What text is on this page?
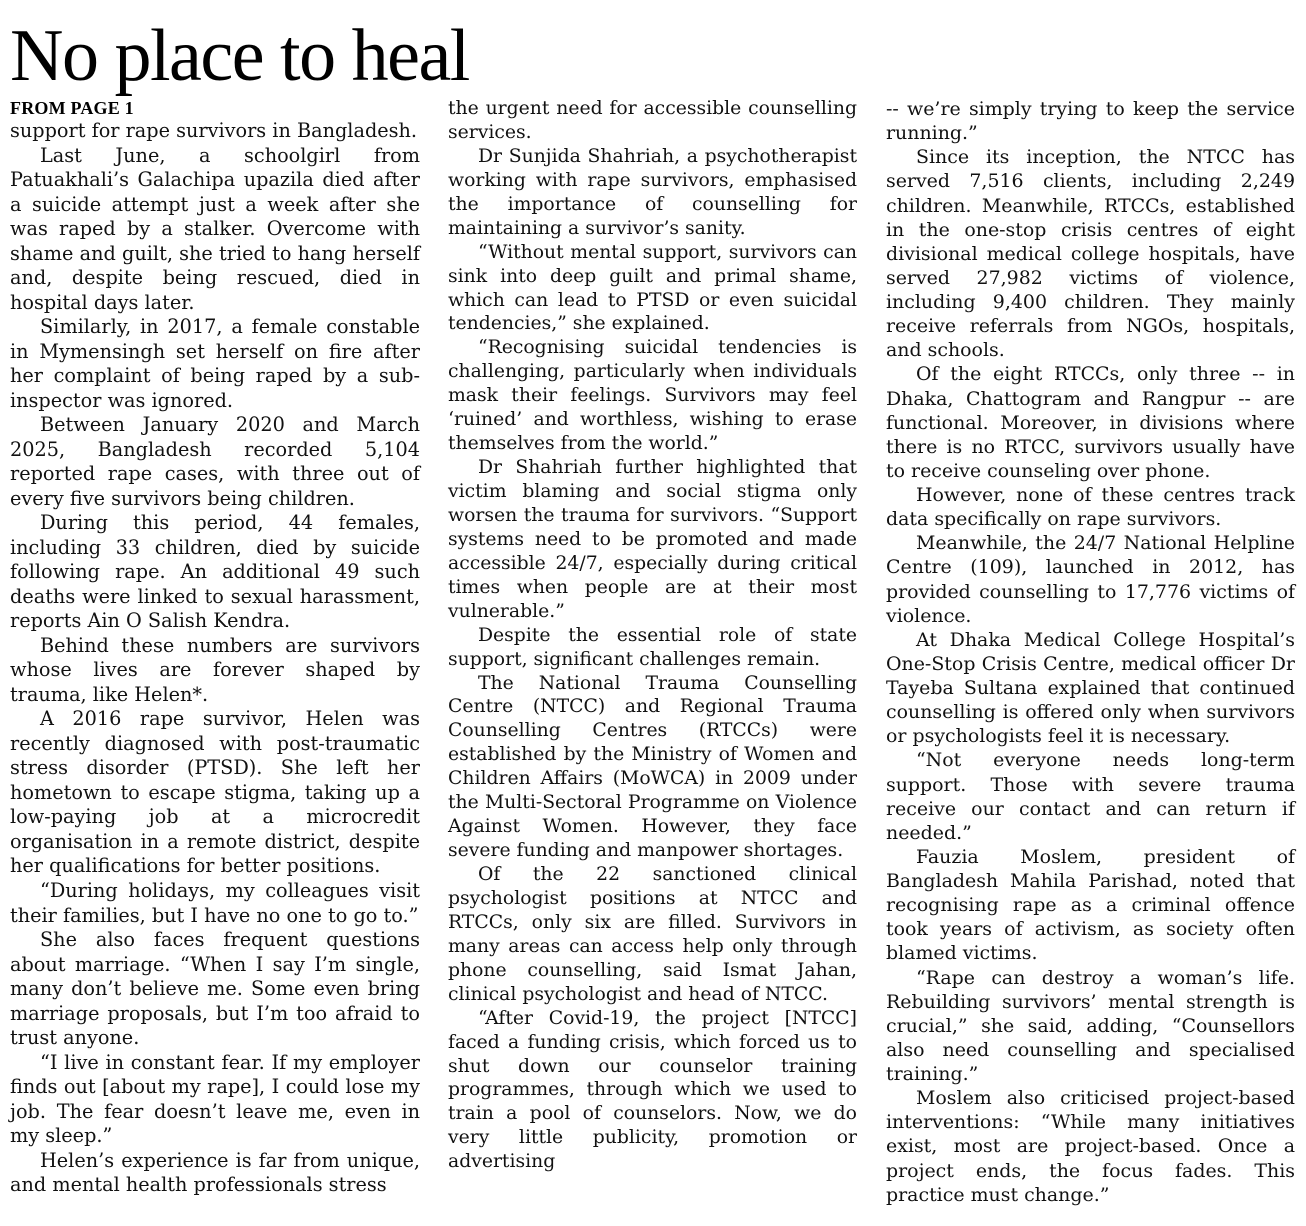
No place to heal
FROM PAGE 1

support for rape survivors in Bangladesh.

Last June, a schoolgirl from Patuakhali’s Galachipa upazila died after a suicide attempt just a week after she was raped by a stalker. Overcome with shame and guilt, she tried to hang herself and, despite being rescued, died in hospital days later.

Similarly, in 2017, a female constable in Mymensingh set herself on fire after her complaint of being raped by a sub-inspector was ignored.

Between January 2020 and March 2025, Bangladesh recorded 5,104 reported rape cases, with three out of every five survivors being children.

During this period, 44 females, including 33 children, died by suicide following rape. An additional 49 such deaths were linked to sexual harassment, reports Ain O Salish Kendra.

Behind these numbers are survivors whose lives are forever shaped by trauma, like Helen*.

A 2016 rape survivor, Helen was recently diagnosed with post-traumatic stress disorder (PTSD). She left her hometown to escape stigma, taking up a low-paying job at a microcredit organisation in a remote district, despite her qualifications for better positions.

“During holidays, my colleagues visit their families, but I have no one to go to.”

She also faces frequent questions about marriage. “When I say I’m single, many don’t believe me. Some even bring marriage proposals, but I’m too afraid to trust anyone.

“I live in constant fear. If my employer finds out [about my rape], I could lose my job. The fear doesn’t leave me, even in my sleep.”

Helen’s experience is far from unique, and mental health professionals stress

the urgent need for accessible counselling services.

Dr Sunjida Shahriah, a psychotherapist working with rape survivors, emphasised the importance of counselling for maintaining a survivor’s sanity.

“Without mental support, survivors can sink into deep guilt and primal shame, which can lead to PTSD or even suicidal tendencies,” she explained.

“Recognising suicidal tendencies is challenging, particularly when individuals mask their feelings. Survivors may feel ‘ruined’ and worthless, wishing to erase themselves from the world.”

Dr Shahriah further highlighted that victim blaming and social stigma only worsen the trauma for survivors. “Support systems need to be promoted and made accessible 24/7, especially during critical times when people are at their most vulnerable.”

Despite the essential role of state support, significant challenges remain.

The National Trauma Counselling Centre (NTCC) and Regional Trauma Counselling Centres (RTCCs) were established by the Ministry of Women and Children Affairs (MoWCA) in 2009 under the Multi-Sectoral Programme on Violence Against Women. However, they face severe funding and manpower shortages.

Of the 22 sanctioned clinical psychologist positions at NTCC and RTCCs, only six are filled. Survivors in many areas can access help only through phone counselling, said Ismat Jahan, clinical psychologist and head of NTCC.

“After Covid-19, the project [NTCC] faced a funding crisis, which forced us to shut down our counselor training programmes, through which we used to train a pool of counselors. Now, we do very little publicity, promotion or advertising

-- we’re simply trying to keep the service running.”

Since its inception, the NTCC has served 7,516 clients, including 2,249 children. Meanwhile, RTCCs, established in the one-stop crisis centres of eight divisional medical college hospitals, have served 27,982 victims of violence, including 9,400 children. They mainly receive referrals from NGOs, hospitals, and schools.

Of the eight RTCCs, only three -- in Dhaka, Chattogram and Rangpur -- are functional. Moreover, in divisions where there is no RTCC, survivors usually have to receive counseling over phone.

However, none of these centres track data specifically on rape survivors.

Meanwhile, the 24/7 National Helpline Centre (109), launched in 2012, has provided counselling to 17,776 victims of violence.

At Dhaka Medical College Hospital’s One-Stop Crisis Centre, medical officer Dr Tayeba Sultana explained that continued counselling is offered only when survivors or psychologists feel it is necessary.

“Not everyone needs long-term support. Those with severe trauma receive our contact and can return if needed.”

Fauzia Moslem, president of Bangladesh Mahila Parishad, noted that recognising rape as a criminal offence took years of activism, as society often blamed victims.

“Rape can destroy a woman’s life. Rebuilding survivors’ mental strength is crucial,” she said, adding, “Counsellors also need counselling and specialised training.”

Moslem also criticised project-based interventions: “While many initiatives exist, most are project-based. Once a project ends, the focus fades. This practice must change.”
